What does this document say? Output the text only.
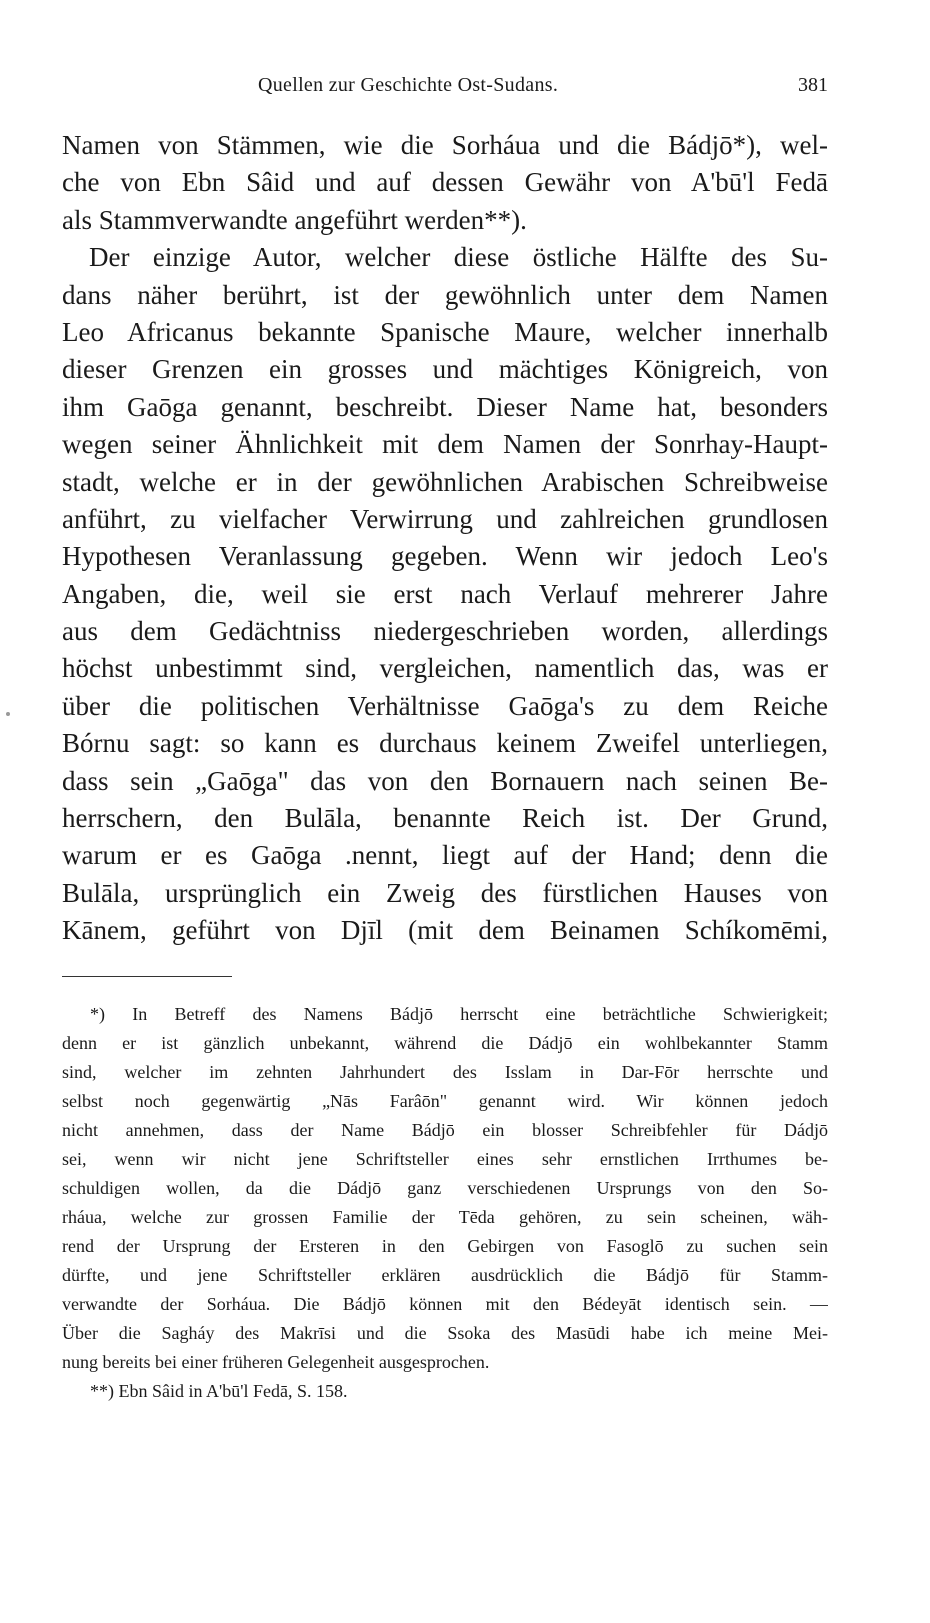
Quellen zur Geschichte Ost-Sudans.	381
Namen von Stämmen, wie die Sorháua und die Bádjō*), wel-
che von Ebn Sâid und auf dessen Gewähr von A'bū'l Fedā
als Stammverwandte angeführt werden**).
Der einzige Autor, welcher diese östliche Hälfte des Su-
dans näher berührt, ist der gewöhnlich unter dem Namen
Leo Africanus bekannte Spanische Maure, welcher innerhalb
dieser Grenzen ein grosses und mächtiges Königreich, von
ihm Gaōga genannt, beschreibt. Dieser Name hat, besonders
wegen seiner Ähnlichkeit mit dem Namen der Sonrhay-Haupt-
stadt, welche er in der gewöhnlichen Arabischen Schreibweise
anführt, zu vielfacher Verwirrung und zahlreichen grundlosen
Hypothesen Veranlassung gegeben. Wenn wir jedoch Leo's
Angaben, die, weil sie erst nach Verlauf mehrerer Jahre
aus dem Gedächtniss niedergeschrieben worden, allerdings
höchst unbestimmt sind, vergleichen, namentlich das, was er
über die politischen Verhältnisse Gaōga's zu dem Reiche
Bórnu sagt: so kann es durchaus keinem Zweifel unterliegen,
dass sein „Gaōga" das von den Bornauern nach seinen Be-
herrschern, den Bulāla, benannte Reich ist. Der Grund,
warum er es Gaōga .nennt, liegt auf der Hand; denn die
Bulāla, ursprünglich ein Zweig des fürstlichen Hauses von
Kānem, geführt von Djīl (mit dem Beinamen Schíkomēmi,
*) In Betreff des Namens Bádjō herrscht eine beträchtliche Schwierigkeit;
denn er ist gänzlich unbekannt, während die Dádjō ein wohlbekannter Stamm
sind, welcher im zehnten Jahrhundert des Isslam in Dar-Fōr herrschte und
selbst noch gegenwärtig „Nās Farâōn" genannt wird. Wir können jedoch
nicht annehmen, dass der Name Bádjō ein blosser Schreibfehler für Dádjō
sei, wenn wir nicht jene Schriftsteller eines sehr ernstlichen Irrthumes be-
schuldigen wollen, da die Dádjō ganz verschiedenen Ursprungs von den So-
rháua, welche zur grossen Familie der Tēda gehören, zu sein scheinen, wäh-
rend der Ursprung der Ersteren in den Gebirgen von Fasoglō zu suchen sein
dürfte, und jene Schriftsteller erklären ausdrücklich die Bádjō für Stamm-
verwandte der Sorháua. Die Bádjō können mit den Bédeyāt identisch sein. —
Über die Sagháy des Makrīsi und die Ssoka des Masūdi habe ich meine Mei-
nung bereits bei einer früheren Gelegenheit ausgesprochen.
**) Ebn Sâid in A'bū'l Fedā, S. 158.
